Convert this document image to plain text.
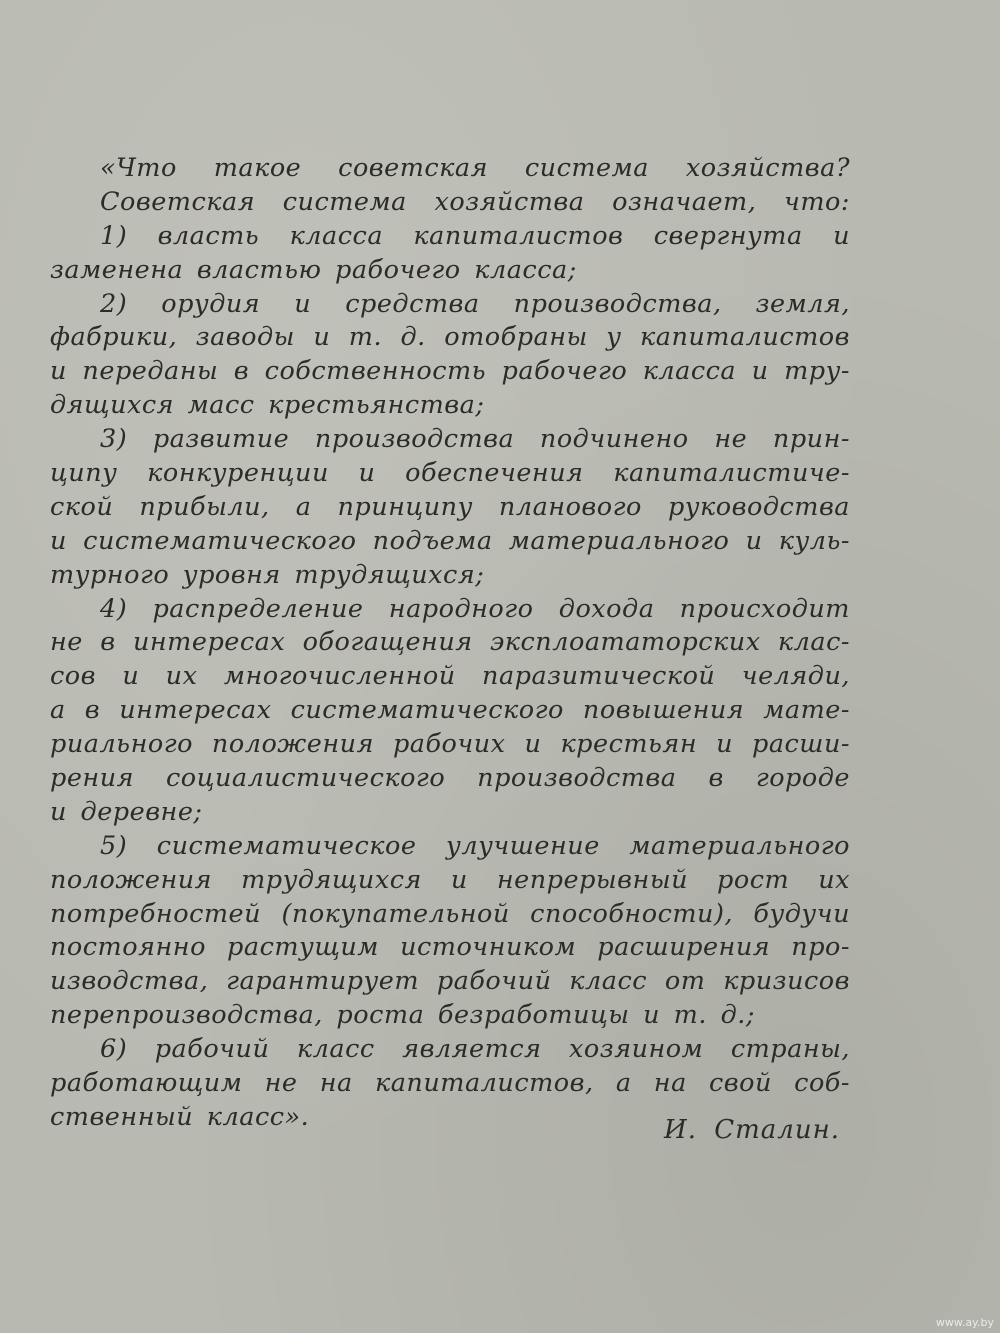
«Что такое советская система хозяйства?
Советская система хозяйства означает, что:
1) власть класса капиталистов свергнута и
заменена властью рабочего класса;
2) орудия и средства производства, земля,
фабрики, заводы и т. д. отобраны у капиталистов
и переданы в собственность рабочего класса и тру-
дящихся масс крестьянства;
3) развитие производства подчинено не прин-
ципу конкуренции и обеспечения капиталистиче-
ской прибыли, а принципу планового руководства
и систематического подъема материального и куль-
турного уровня трудящихся;
4) распределение народного дохода происходит
не в интересах обогащения эксплоататорских клас-
сов и их многочисленной паразитической челяди,
а в интересах систематического повышения мате-
риального положения рабочих и крестьян и расши-
рения социалистического производства в городе
и деревне;
5) систематическое улучшение материального
положения трудящихся и непрерывный рост их
потребностей (покупательной способности), будучи
постоянно растущим источником расширения про-
изводства, гарантирует рабочий класс от кризисов
перепроизводства, роста безработицы и т. д.;
6) рабочий класс является хозяином страны,
работающим не на капиталистов, а на свой соб-
ственный класс».	И. Сталин.
www.ay.by
